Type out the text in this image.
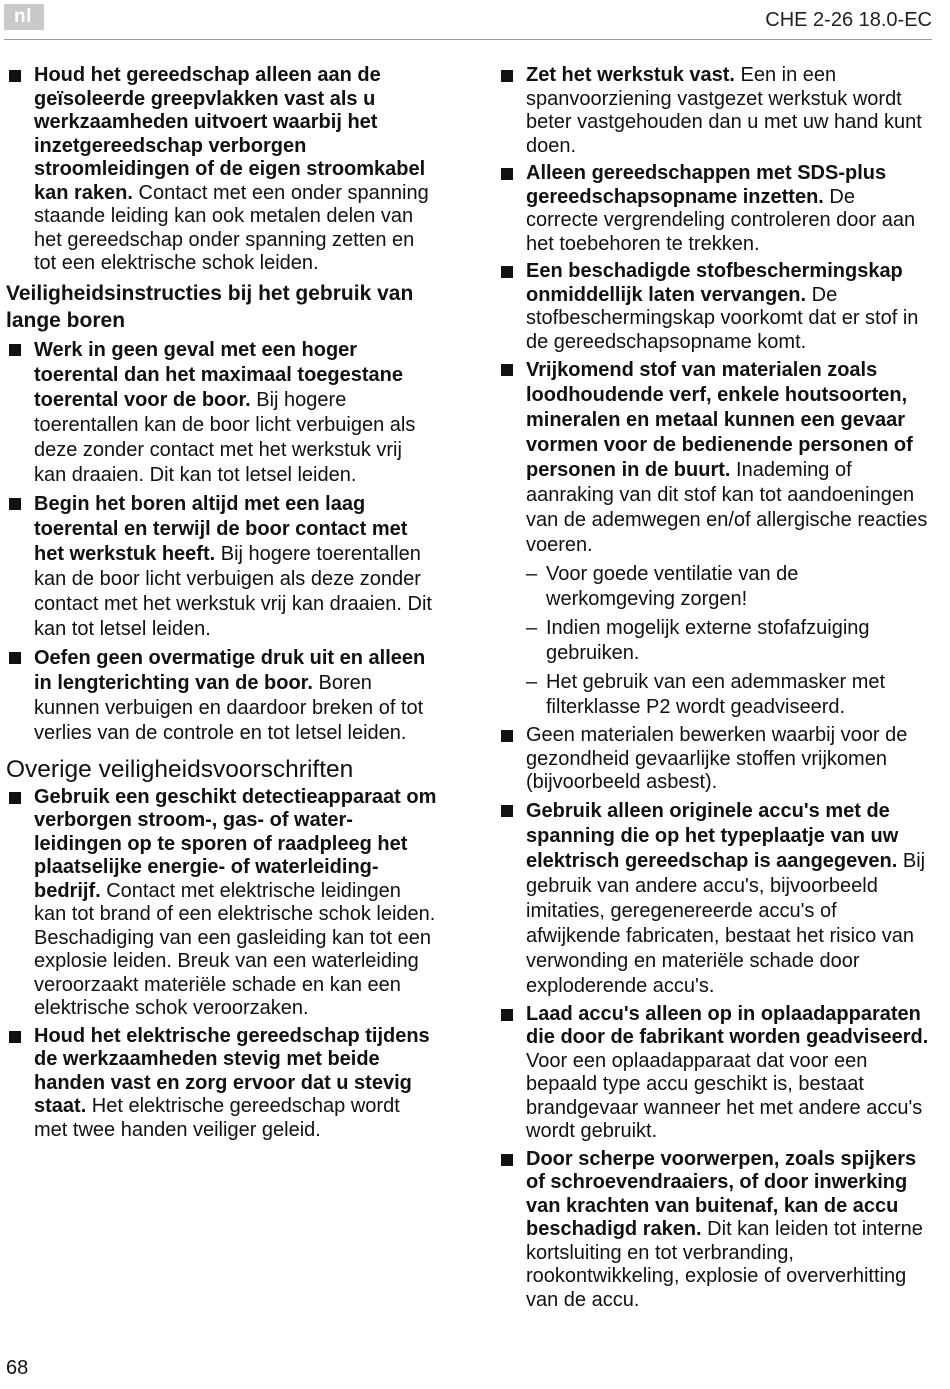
nl	CHE 2-26 18.0-EC
Houd het gereedschap alleen aan de geïsoleerde greepvlakken vast als u werkzaamheden uitvoert waarbij het inzetgereedschap verborgen stroomleidingen of de eigen stroomkabel kan raken. Contact met een onder spanning staande leiding kan ook metalen delen van het gereedschap onder spanning zetten en tot een elektrische schok leiden.
Veiligheidsinstructies bij het gebruik van lange boren
Werk in geen geval met een hoger toerental dan het maximaal toegestane toerental voor de boor. Bij hogere toerentallen kan de boor licht verbuigen als deze zonder contact met het werkstuk vrij kan draaien. Dit kan tot letsel leiden.
Begin het boren altijd met een laag toerental en terwijl de boor contact met het werkstuk heeft. Bij hogere toerentallen kan de boor licht verbuigen als deze zonder contact met het werkstuk vrij kan draaien. Dit kan tot letsel leiden.
Oefen geen overmatige druk uit en alleen in lengterichting van de boor. Boren kunnen verbuigen en daardoor breken of tot verlies van de controle en tot letsel leiden.
Overige veiligheidsvoorschriften
Gebruik een geschikt detectieapparaat om verborgen stroom-, gas- of water-leidingen op te sporen of raadpleeg het plaatselijke energie- of waterleiding-bedrijf. Contact met elektrische leidingen kan tot brand of een elektrische schok leiden. Beschadiging van een gasleiding kan tot een explosie leiden. Breuk van een waterleiding veroorzaakt materiële schade en kan een elektrische schok veroorzaken.
Houd het elektrische gereedschap tijdens de werkzaamheden stevig met beide handen vast en zorg ervoor dat u stevig staat. Het elektrische gereedschap wordt met twee handen veiliger geleid.
Zet het werkstuk vast. Een in een spanvoorziening vastgezet werkstuk wordt beter vastgehouden dan u met uw hand kunt doen.
Alleen gereedschappen met SDS-plus gereedschapsopname inzetten. De correcte vergrendeling controleren door aan het toebehoren te trekken.
Een beschadigde stofbeschermingskap onmiddellijk laten vervangen. De stofbeschermingskap voorkomt dat er stof in de gereedschapsopname komt.
Vrijkomend stof van materialen zoals loodhoudende verf, enkele houtsoorten, mineralen en metaal kunnen een gevaar vormen voor de bedienende personen of personen in de buurt. Inademing of aanraking van dit stof kan tot aandoeningen van de ademwegen en/of allergische reacties voeren.
– Voor goede ventilatie van de werkomgeving zorgen!
– Indien mogelijk externe stofafzuiging gebruiken.
– Het gebruik van een ademmasker met filterklasse P2 wordt geadviseerd.
Geen materialen bewerken waarbij voor de gezondheid gevaarlijke stoffen vrijkomen (bijvoorbeeld asbest).
Gebruik alleen originele accu's met de spanning die op het typeplaatje van uw elektrisch gereedschap is aangegeven. Bij gebruik van andere accu's, bijvoorbeeld imitaties, geregenereerde accu's of afwijkende fabricaten, bestaat het risico van verwonding en materiële schade door exploderende accu's.
Laad accu's alleen op in oplaadapparaten die door de fabrikant worden geadviseerd. Voor een oplaadapparaat dat voor een bepaald type accu geschikt is, bestaat brandgevaar wanneer het met andere accu's wordt gebruikt.
Door scherpe voorwerpen, zoals spijkers of schroevendraaiers, of door inwerking van krachten van buitenaf, kan de accu beschadigd raken. Dit kan leiden tot interne kortsluiting en tot verbranding, rookontwikkeling, explosie of oververhitting van de accu.
68
